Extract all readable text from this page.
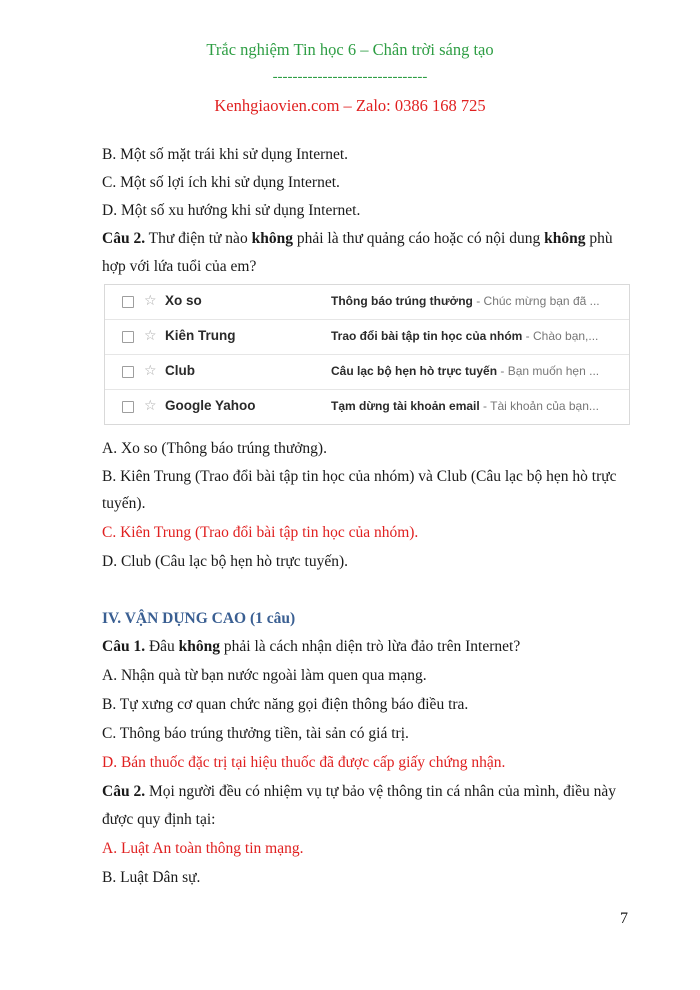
Trắc nghiệm Tin học 6 – Chân trời sáng tạo
-------------------------------
Kenhgiaovien.com – Zalo: 0386 168 725
B. Một số mặt trái khi sử dụng Internet.
C. Một số lợi ích khi sử dụng Internet.
D. Một số xu hướng khi sử dụng Internet.
Câu 2. Thư điện tử nào không phải là thư quảng cáo hoặc có nội dung không phù
hợp với lứa tuổi của em?
☆ Xo so	Thông báo trúng thưởng - Chúc mừng bạn đã ...
☆ Kiên Trung	Trao đổi bài tập tin học của nhóm - Chào bạn,...
☆ Club	Câu lạc bộ hẹn hò trực tuyến - Bạn muốn hẹn ...
☆ Google Yahoo	Tạm dừng tài khoản email - Tài khoản của bạn...
A. Xo so (Thông báo trúng thưởng).
B. Kiên Trung (Trao đổi bài tập tin học của nhóm) và Club (Câu lạc bộ hẹn hò trực
tuyến).
C. Kiên Trung (Trao đổi bài tập tin học của nhóm).
D. Club (Câu lạc bộ hẹn hò trực tuyến).
IV. VẬN DỤNG CAO (1 câu)
Câu 1. Đâu không phải là cách nhận diện trò lừa đảo trên Internet?
A. Nhận quà từ bạn nước ngoài làm quen qua mạng.
B. Tự xưng cơ quan chức năng gọi điện thông báo điều tra.
C. Thông báo trúng thưởng tiền, tài sản có giá trị.
D. Bán thuốc đặc trị tại hiệu thuốc đã được cấp giấy chứng nhận.
Câu 2. Mọi người đều có nhiệm vụ tự bảo vệ thông tin cá nhân của mình, điều này
được quy định tại:
A. Luật An toàn thông tin mạng.
B. Luật Dân sự.
7
